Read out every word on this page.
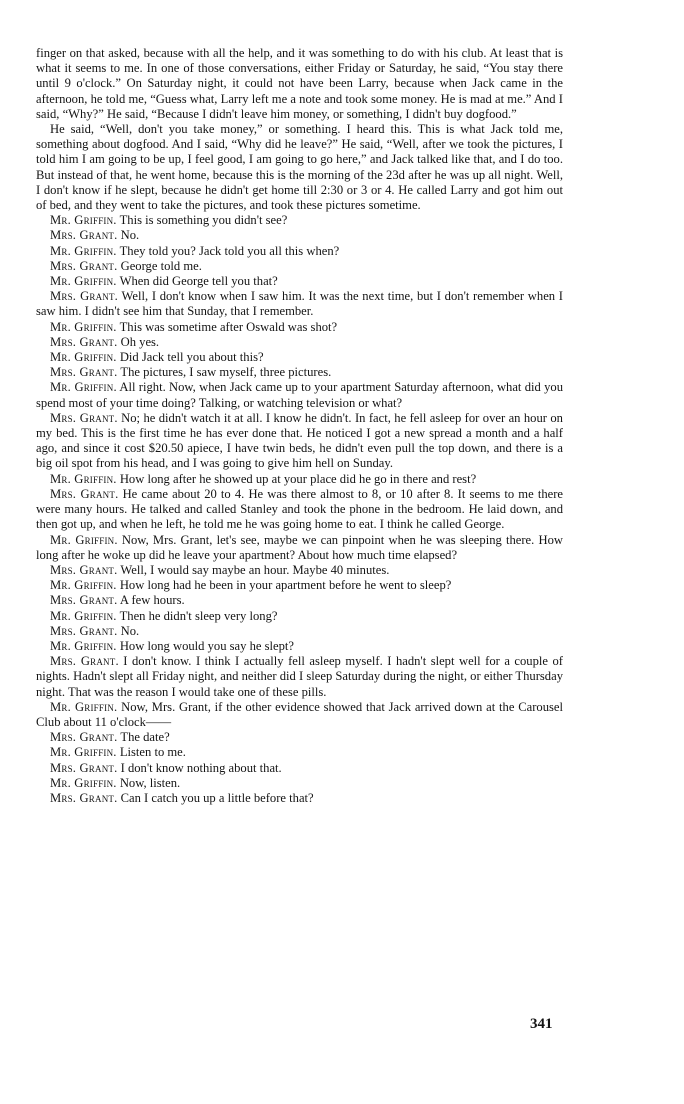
finger on that asked, because with all the help, and it was something to do with his club. At least that is what it seems to me. In one of those conversations, either Friday or Saturday, he said, “You stay there until 9 o'clock.” On Saturday night, it could not have been Larry, because when Jack came in the afternoon, he told me, “Guess what, Larry left me a note and took some money. He is mad at me.” And I said, “Why?” He said, “Because I didn't leave him money, or something, I didn't buy dogfood.”

He said, “Well, don't you take money,” or something. I heard this. This is what Jack told me, something about dogfood. And I said, “Why did he leave?” He said, “Well, after we took the pictures, I told him I am going to be up, I feel good, I am going to go here,” and Jack talked like that, and I do too. But instead of that, he went home, because this is the morning of the 23d after he was up all night. Well, I don't know if he slept, because he didn't get home till 2:30 or 3 or 4. He called Larry and got him out of bed, and they went to take the pictures, and took these pictures sometime.

Mr. Griffin. This is something you didn't see?

Mrs. Grant. No.

Mr. Griffin. They told you? Jack told you all this when?

Mrs. Grant. George told me.

Mr. Griffin. When did George tell you that?

Mrs. Grant. Well, I don't know when I saw him. It was the next time, but I don't remember when I saw him. I didn't see him that Sunday, that I remember.

Mr. Griffin. This was sometime after Oswald was shot?

Mrs. Grant. Oh yes.

Mr. Griffin. Did Jack tell you about this?

Mrs. Grant. The pictures, I saw myself, three pictures.

Mr. Griffin. All right. Now, when Jack came up to your apartment Saturday afternoon, what did you spend most of your time doing? Talking, or watching television or what?

Mrs. Grant. No; he didn't watch it at all. I know he didn't. In fact, he fell asleep for over an hour on my bed. This is the first time he has ever done that. He noticed I got a new spread a month and a half ago, and since it cost $20.50 apiece, I have twin beds, he didn't even pull the top down, and there is a big oil spot from his head, and I was going to give him hell on Sunday.

Mr. Griffin. How long after he showed up at your place did he go in there and rest?

Mrs. Grant. He came about 20 to 4. He was there almost to 8, or 10 after 8. It seems to me there were many hours. He talked and called Stanley and took the phone in the bedroom. He laid down, and then got up, and when he left, he told me he was going home to eat. I think he called George.

Mr. Griffin. Now, Mrs. Grant, let's see, maybe we can pinpoint when he was sleeping there. How long after he woke up did he leave your apartment? About how much time elapsed?

Mrs. Grant. Well, I would say maybe an hour. Maybe 40 minutes.

Mr. Griffin. How long had he been in your apartment before he went to sleep?

Mrs. Grant. A few hours.

Mr. Griffin. Then he didn't sleep very long?

Mrs. Grant. No.

Mr. Griffin. How long would you say he slept?

Mrs. Grant. I don't know. I think I actually fell asleep myself. I hadn't slept well for a couple of nights. Hadn't slept all Friday night, and neither did I sleep Saturday during the night, or either Thursday night. That was the reason I would take one of these pills.

Mr. Griffin. Now, Mrs. Grant, if the other evidence showed that Jack arrived down at the Carousel Club about 11 o'clock——

Mrs. Grant. The date?

Mr. Griffin. Listen to me.

Mrs. Grant. I don't know nothing about that.

Mr. Griffin. Now, listen.

Mrs. Grant. Can I catch you up a little before that?

341
